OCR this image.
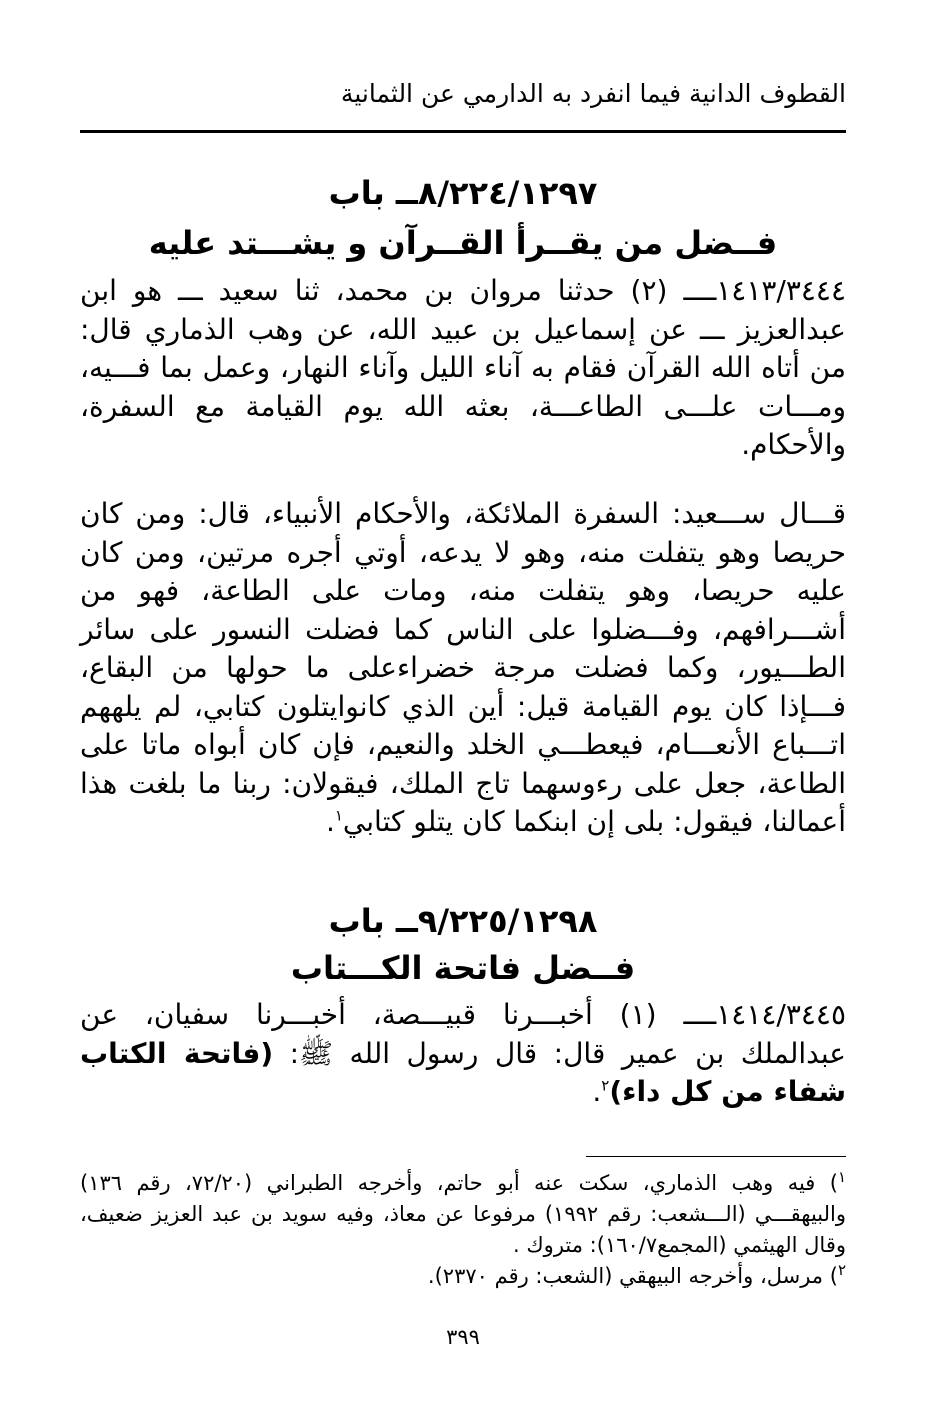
القطوف الدانية فيما انفرد به الدارمي عن الثمانية
٨/٢٢٤/١٢٩٧ــ باب
فــضل من يقــرأ القــرآن و يشـــتد عليه
١٤١٣/٣٤٤٤ــــ (٢) حدثنا مروان بن محمد، ثنا سعيد ـــ هو ابن عبدالعزيز ـــ عن إسماعيل بن عبيد الله، عن وهب الذماري قال: من أتاه الله القرآن فقام به آناء الليل وآناء النهار، وعمل بما فـــيه، ومـــات علـــى الطاعـــة، بعثه الله يوم القيامة مع السفرة، والأحكام.
قـــال ســـعيد: السفرة الملائكة، والأحكام الأنبياء، قال: ومن كان حريصا وهو يتفلت منه، وهو لا يدعه، أوتي أجره مرتين، ومن كان عليه حريصا، وهو يتفلت منه، ومات على الطاعة، فهو من أشـــرافهم، وفـــضلوا على الناس كما فضلت النسور على سائر الطـــيور، وكما فضلت مرجة خضراءعلى ما حولها من البقاع، فـــإذا كان يوم القيامة قيل: أين الذي كانوايتلون كتابي، لم يلههم اتـــباع الأنعـــام، فيعطـــي الخلد والنعيم، فإن كان أبواه ماتا على الطاعة، جعل على رءوسهما تاج الملك، فيقولان: ربنا ما بلغت هذا أعمالنا، فيقول: بلى إن ابنكما كان يتلو كتابي$^١$.
٩/٢٢٥/١٢٩٨ــ باب
فــضل فاتحة الكـــتاب
١٤١٤/٣٤٤٥ــــ (١) أخبـــرنا قبيـــصة، أخبـــرنا سفيان، عن عبدالملك بن عمير قال: قال رسول الله ﷺ: (فاتحة الكتاب شفاء من كل داء)$^٢$.

$^١$) فيه وهب الذماري، سكت عنه أبو حاتم، وأخرجه الطبراني (٧٢/٢٠، رقم ١٣٦) والبيهقـــي (الـــشعب: رقم ١٩٩٢) مرفوعا عن معاذ، وفيه سويد بن عبد العزيز ضعيف، وقال الهيثمي (المجمع١٦٠/٧): متروك .

$^٢$) مرسل، وأخرجه البيهقي (الشعب: رقم ٢٣٧٠).

٣٩٩
